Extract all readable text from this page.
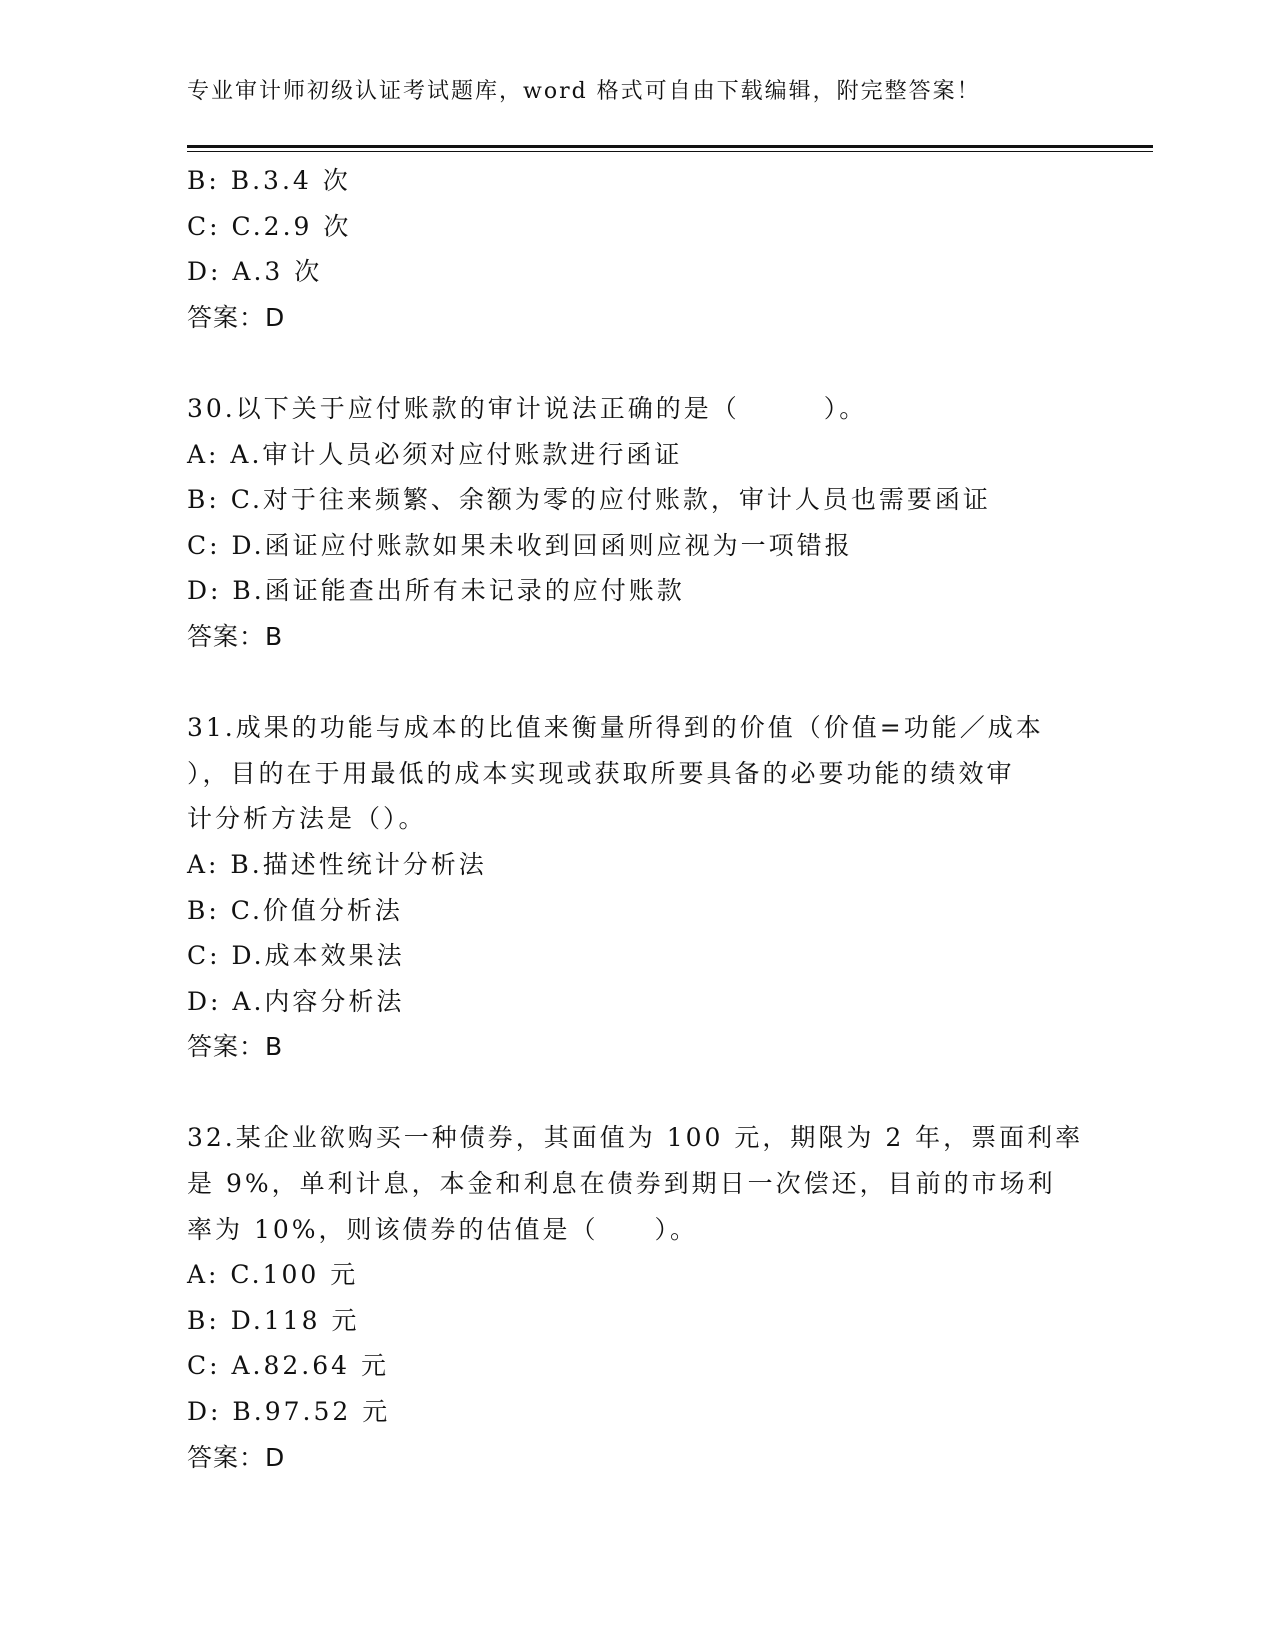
专业审计师初级认证考试题库，word 格式可自由下载编辑，附完整答案！
B: B.3.4 次
C: C.2.9 次
D: A.3 次
答案：D
30.以下关于应付账款的审计说法正确的是（　　　）。
A: A.审计人员必须对应付账款进行函证
B: C.对于往来频繁、余额为零的应付账款，审计人员也需要函证
C: D.函证应付账款如果未收到回函则应视为一项错报
D: B.函证能查出所有未记录的应付账款
答案：B
31.成果的功能与成本的比值来衡量所得到的价值（价值=功能／成本
），目的在于用最低的成本实现或获取所要具备的必要功能的绩效审
计分析方法是（）。
A: B.描述性统计分析法
B: C.价值分析法
C: D.成本效果法
D: A.内容分析法
答案：B
32.某企业欲购买一种债券，其面值为 100 元，期限为 2 年，票面利率
是 9%，单利计息，本金和利息在债券到期日一次偿还，目前的市场利
率为 10%，则该债券的估值是（　　）。
A: C.100 元
B: D.118 元
C: A.82.64 元
D: B.97.52 元
答案：D
